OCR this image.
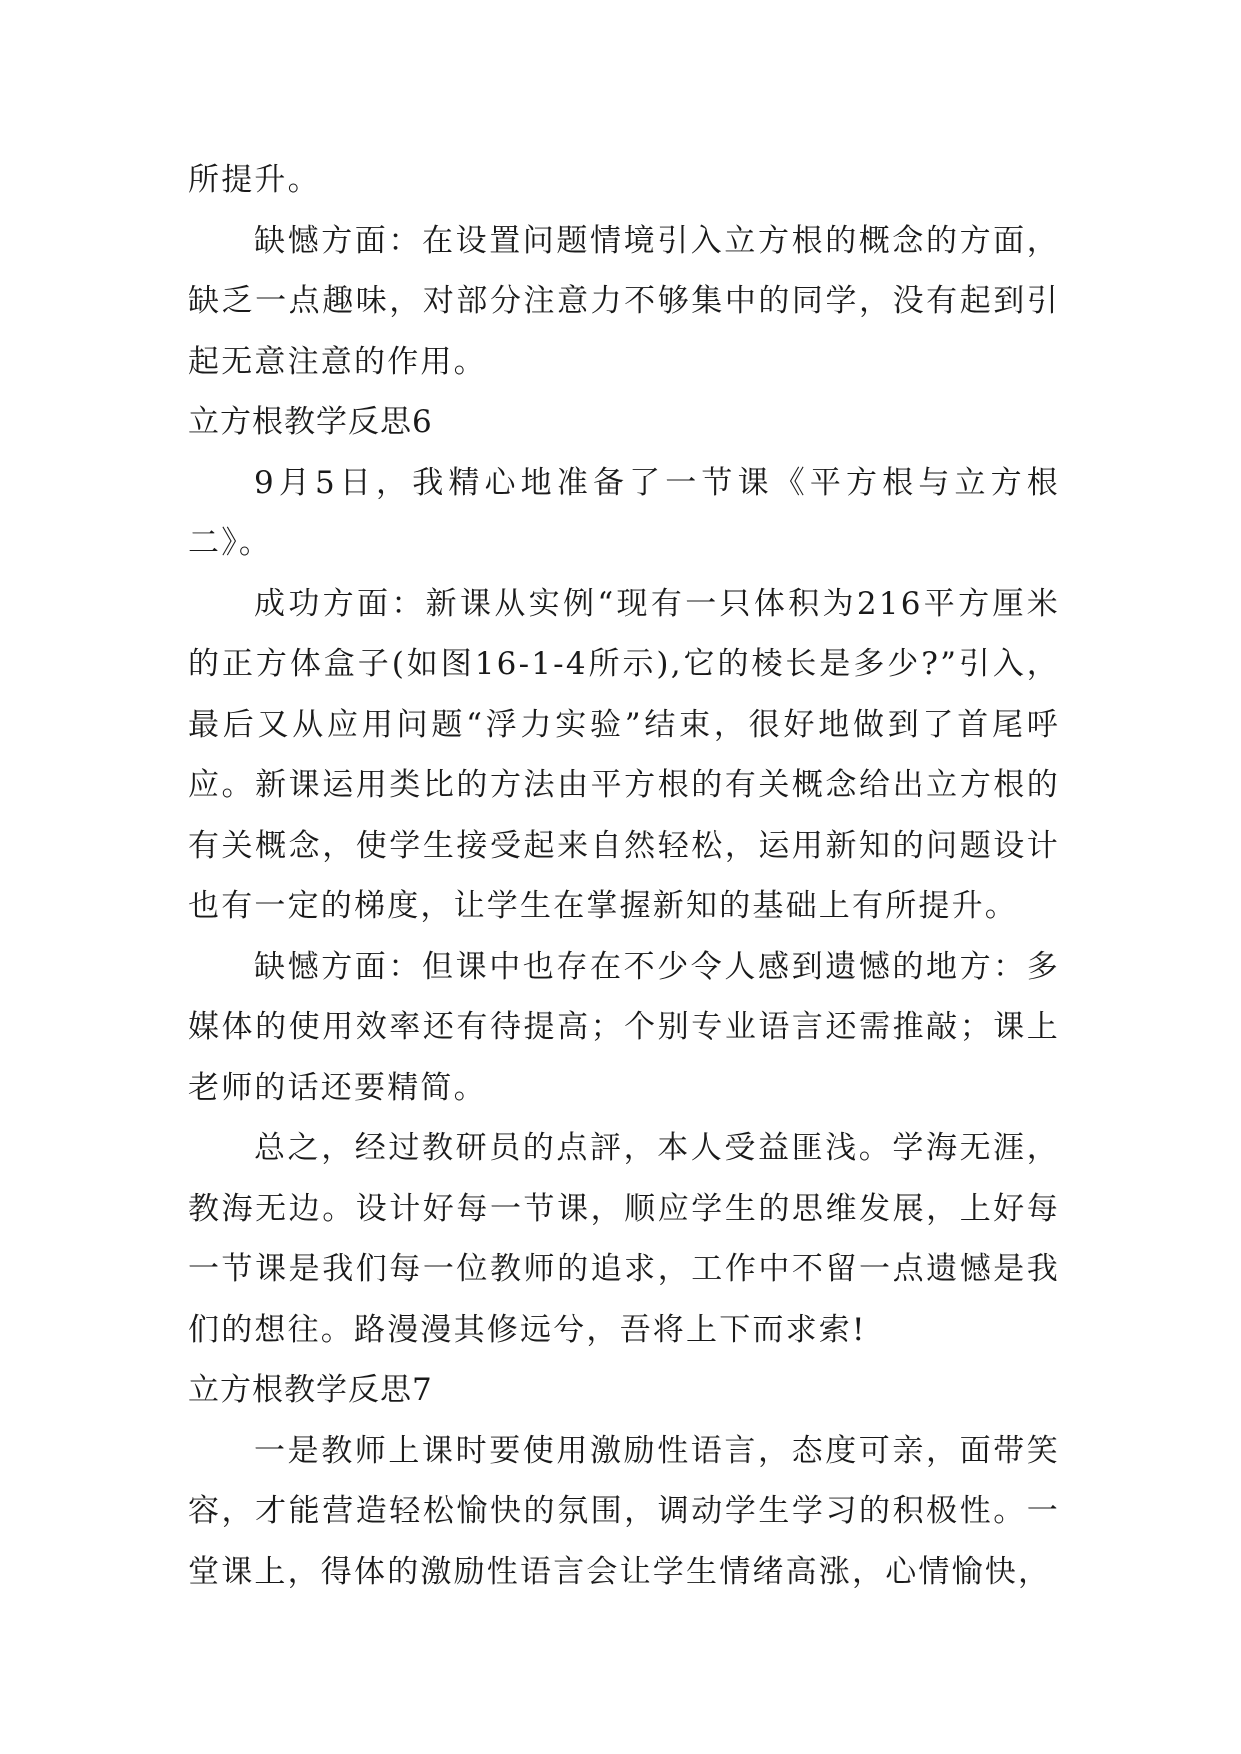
所提升。

缺憾方面：在设置问题情境引入立方根的概念的方面，缺乏一点趣味，对部分注意力不够集中的同学，没有起到引起无意注意的作用。

立方根教学反思6

9月5日，我精心地准备了一节课《平方根与立方根二》。

成功方面：新课从实例“现有一只体积为216平方厘米的正方体盒子(如图16-1-4所示),它的棱长是多少?”引入，最后又从应用问题“浮力实验”结束，很好地做到了首尾呼应。新课运用类比的方法由平方根的有关概念给出立方根的有关概念，使学生接受起来自然轻松，运用新知的问题设计也有一定的梯度，让学生在掌握新知的基础上有所提升。

缺憾方面：但课中也存在不少令人感到遗憾的地方：多媒体的使用效率还有待提高；个别专业语言还需推敲；课上老师的话还要精简。

总之，经过教研员的点評，本人受益匪浅。学海无涯，教海无边。设计好每一节课，顺应学生的思维发展，上好每一节课是我们每一位教师的追求，工作中不留一点遗憾是我们的想往。路漫漫其修远兮，吾将上下而求索!

立方根教学反思7

一是教师上课时要使用激励性语言，态度可亲，面带笑容，才能营造轻松愉快的氛围，调动学生学习的积极性。一堂课上，得体的激励性语言会让学生情绪高涨，心情愉快，
